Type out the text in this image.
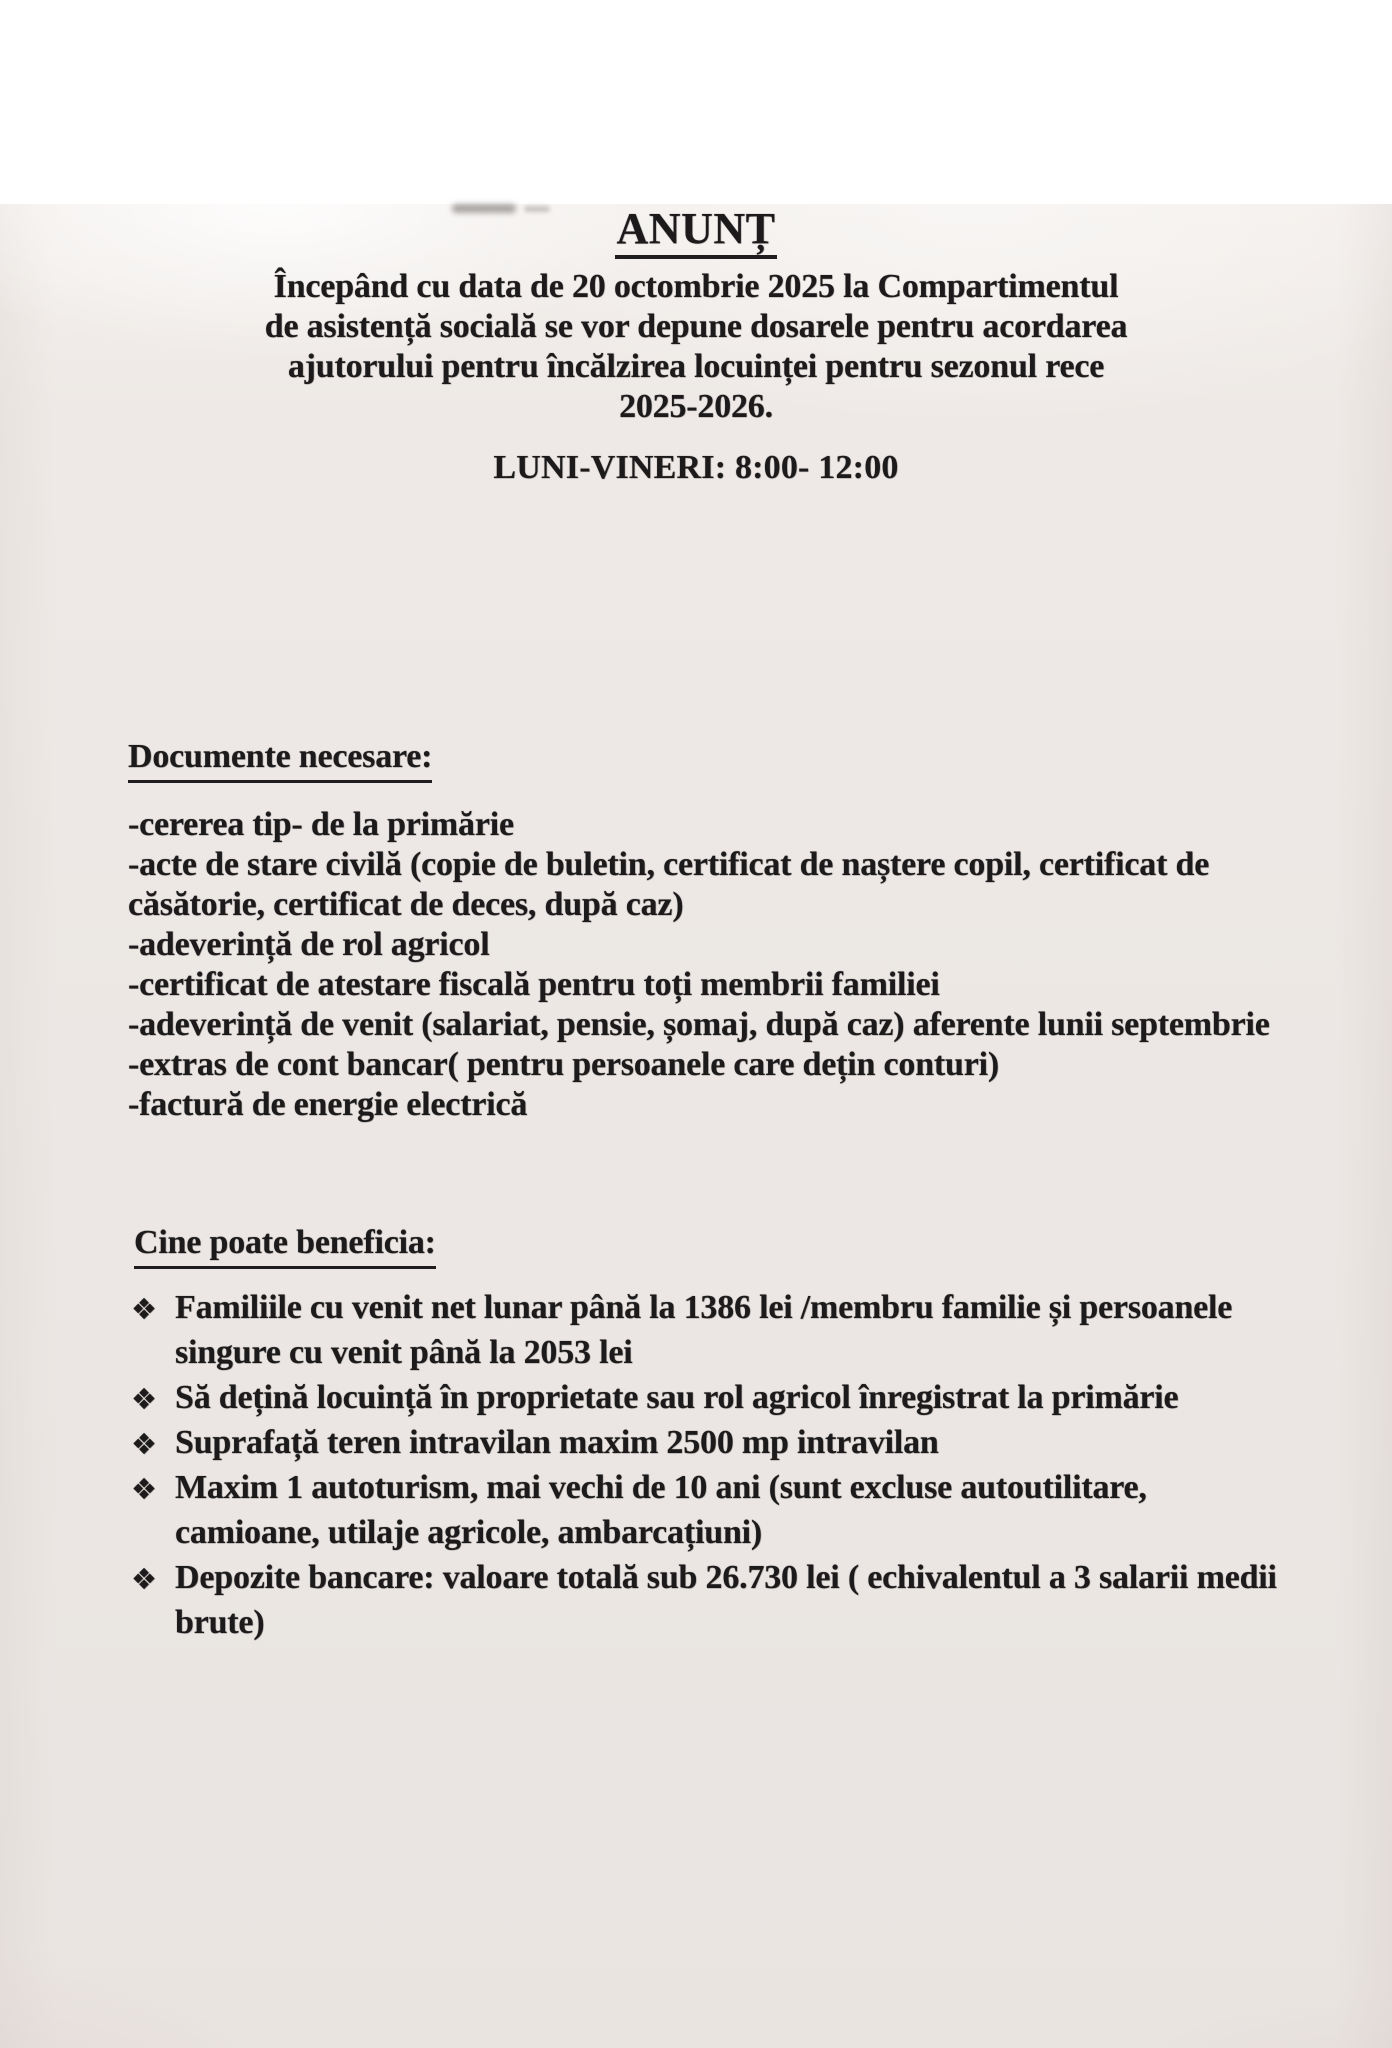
ANUNȚ
Începând cu data de 20 octombrie 2025 la Compartimentul
de asistență socială se vor depune dosarele pentru acordarea
ajutorului pentru încălzirea locuinței pentru sezonul rece
2025-2026.
LUNI-VINERI: 8:00- 12:00
Documente necesare:

-cererea tip- de la primărie

-acte de stare civilă (copie de buletin, certificat de naștere copil, certificat de căsătorie, certificat de deces, după caz)

-adeverință de rol agricol

-certificat de atestare fiscală pentru toți membrii familiei

-adeverință de venit (salariat, pensie, șomaj, după caz) aferente lunii septembrie

-extras de cont bancar( pentru persoanele care dețin conturi)

-factură de energie electrică

Cine poate beneficia:
❖ Familiile cu venit net lunar până la 1386 lei /membru familie și persoanele singure cu venit până la 2053 lei
❖ Să dețină locuință în proprietate sau rol agricol înregistrat la primărie
❖ Suprafață teren intravilan maxim 2500 mp intravilan
❖ Maxim 1 autoturism, mai vechi de 10 ani (sunt excluse autoutilitare, camioane, utilaje agricole, ambarcațiuni)
❖ Depozite bancare: valoare totală sub 26.730 lei ( echivalentul a 3 salarii medii brute)
